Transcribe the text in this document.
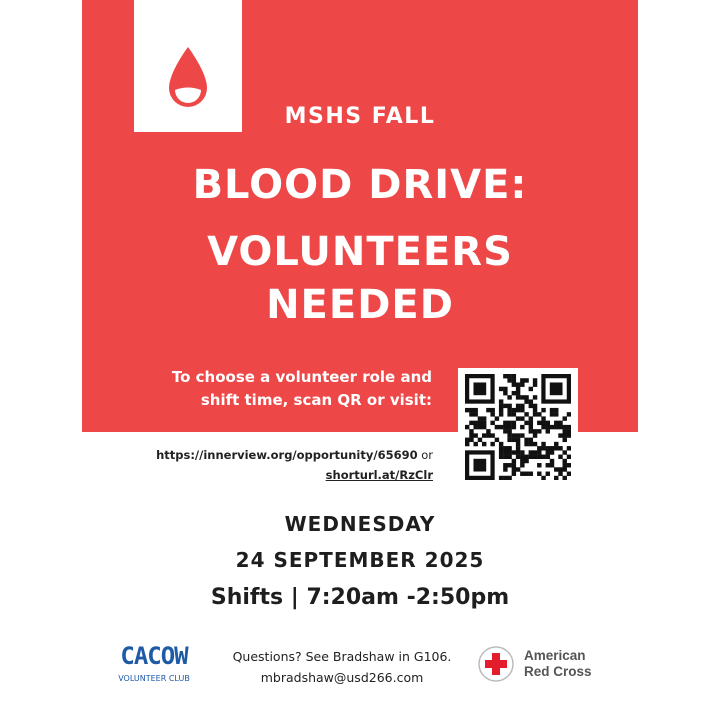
MSHS FALL
BLOOD DRIVE:
VOLUNTEERS
NEEDED
To choose a volunteer role and
shift time, scan QR or visit:
https://innerview.org/opportunity/65690 or
shorturl.at/RzClr
WEDNESDAY
24 SEPTEMBER 2025
Shifts | 7:20am -2:50pm
CACOW
VOLUNTEER CLUB
Questions? See Bradshaw in G106.
mbradshaw@usd266.com
American
Red Cross
